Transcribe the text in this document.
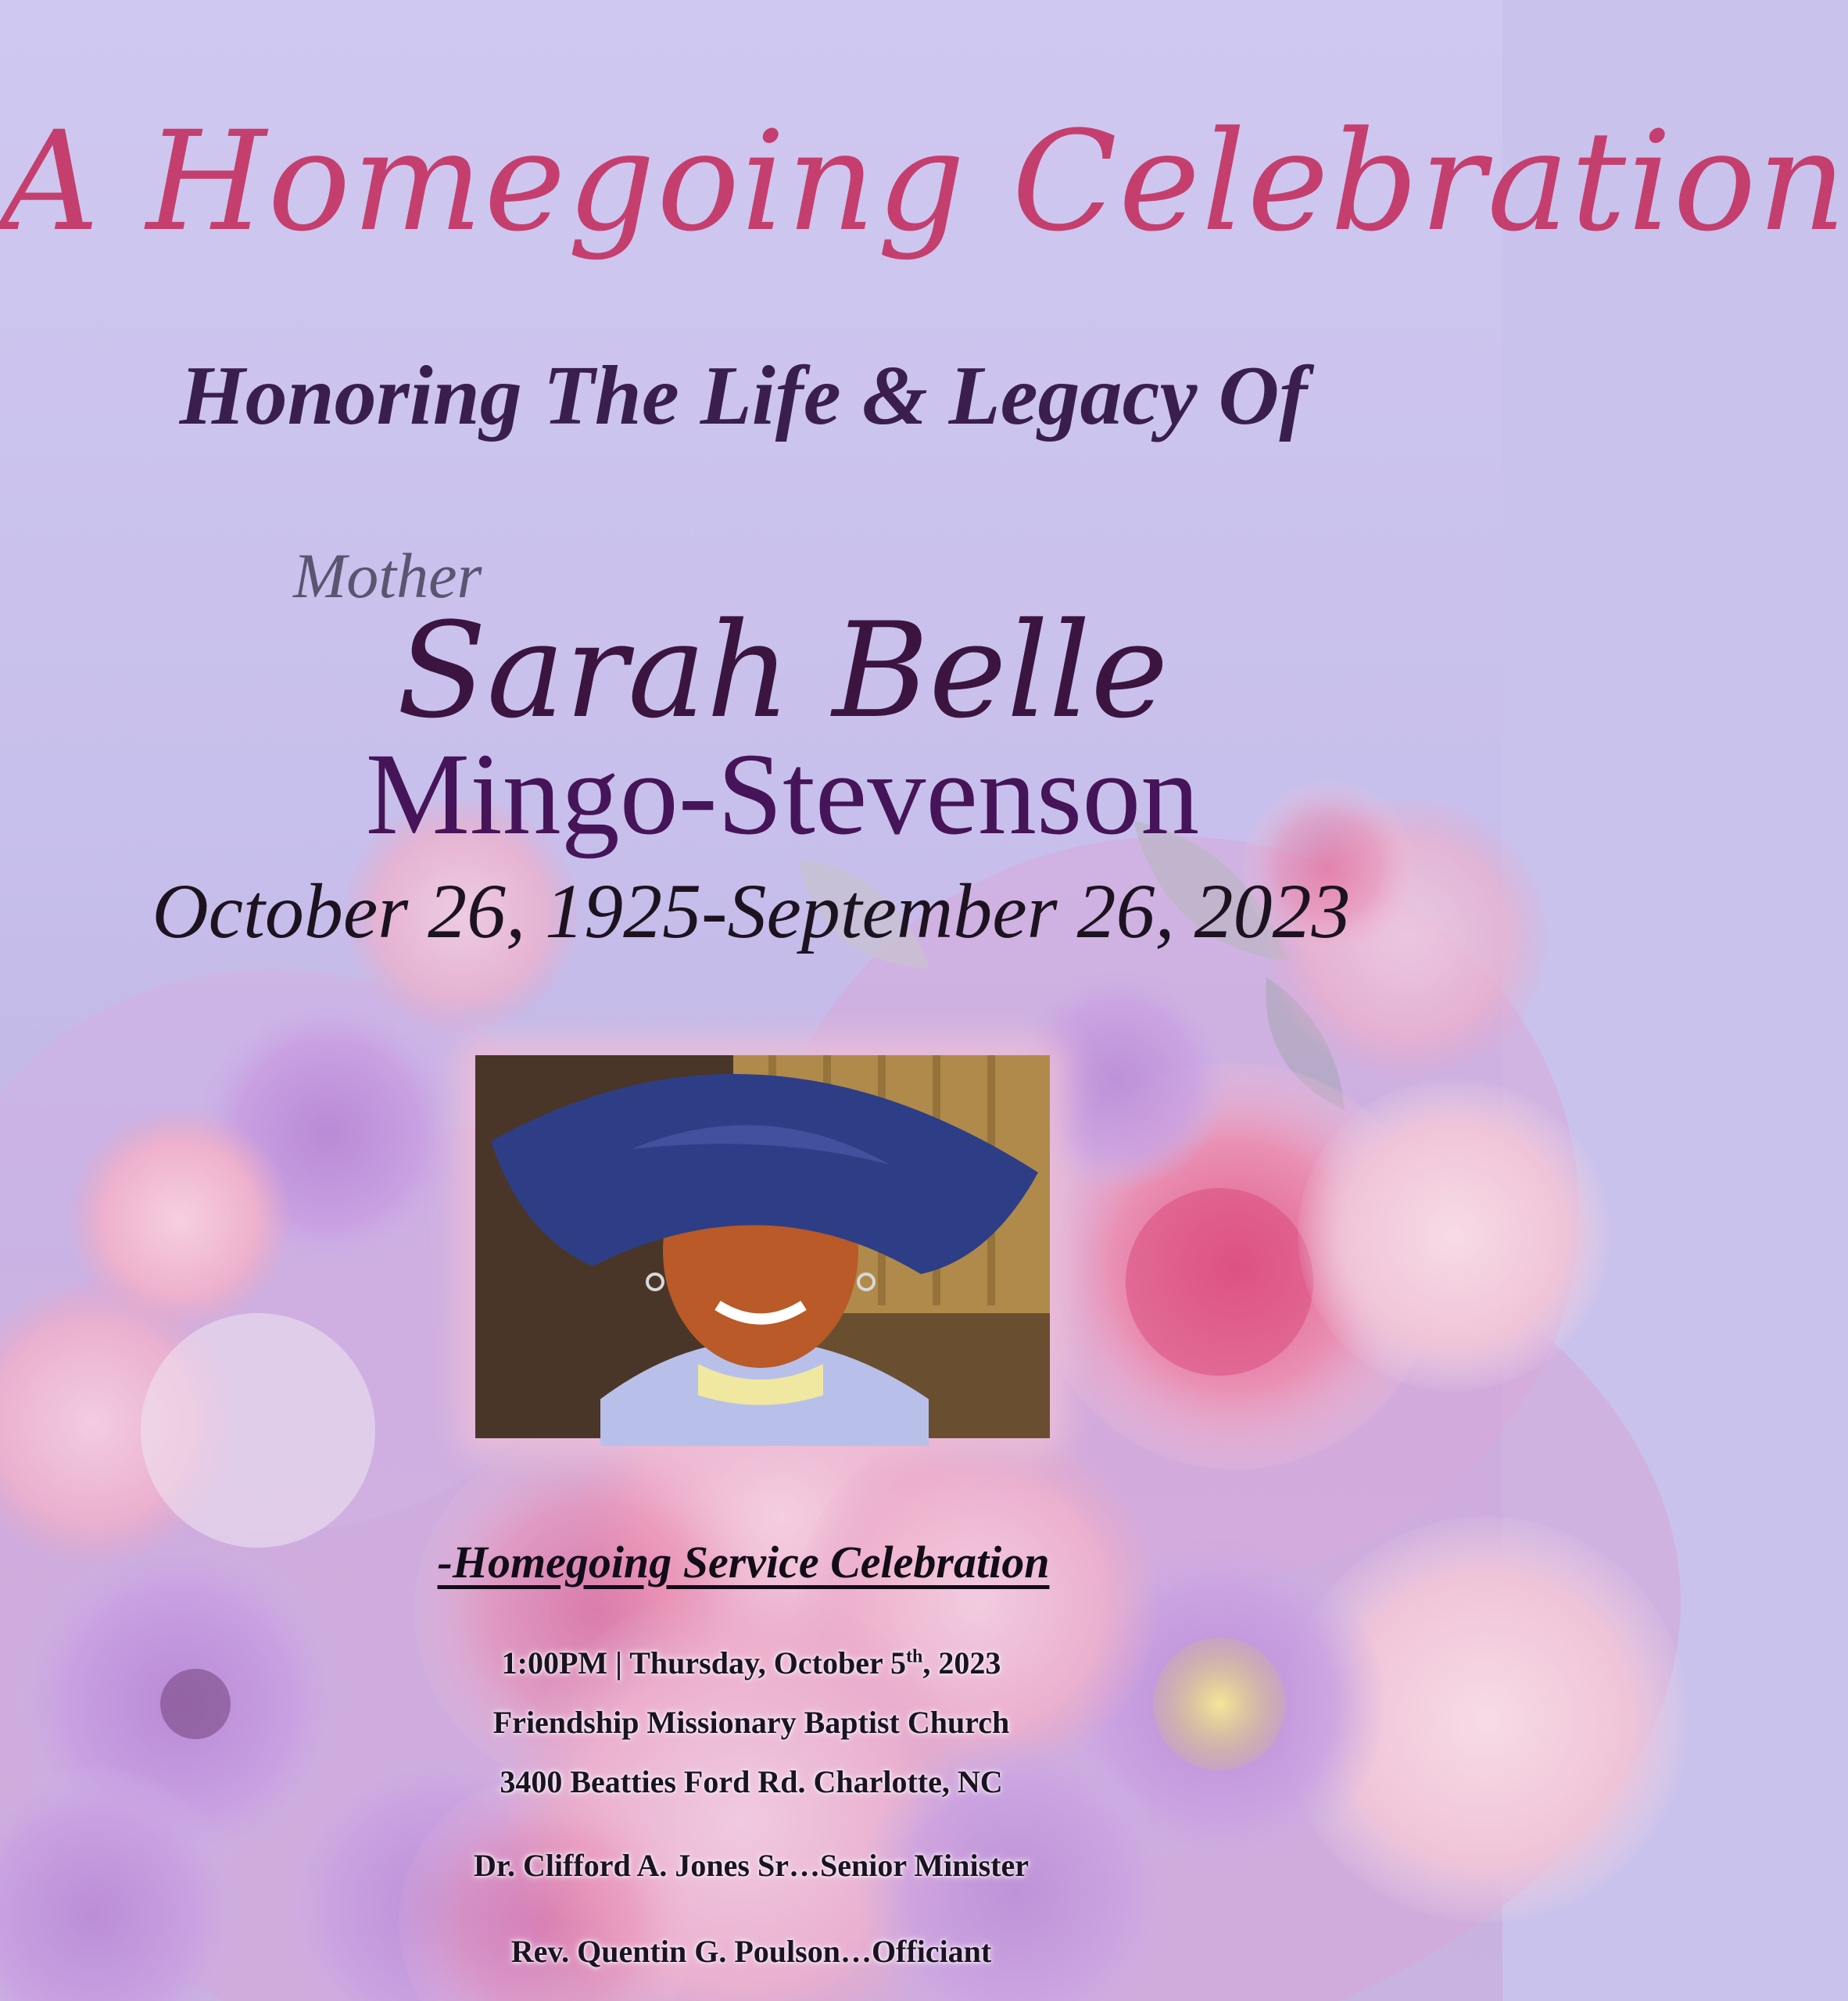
A Homegoing Celebration
Honoring The Life & Legacy Of
Mother
Sarah Belle
Mingo-Stevenson
October 26, 1925-September 26, 2023
-Homegoing Service Celebration
1:00PM | Thursday, October 5th, 2023
Friendship Missionary Baptist Church
3400 Beatties Ford Rd. Charlotte, NC
Dr. Clifford A. Jones Sr…Senior Minister
Rev. Quentin G. Poulson…Officiant
